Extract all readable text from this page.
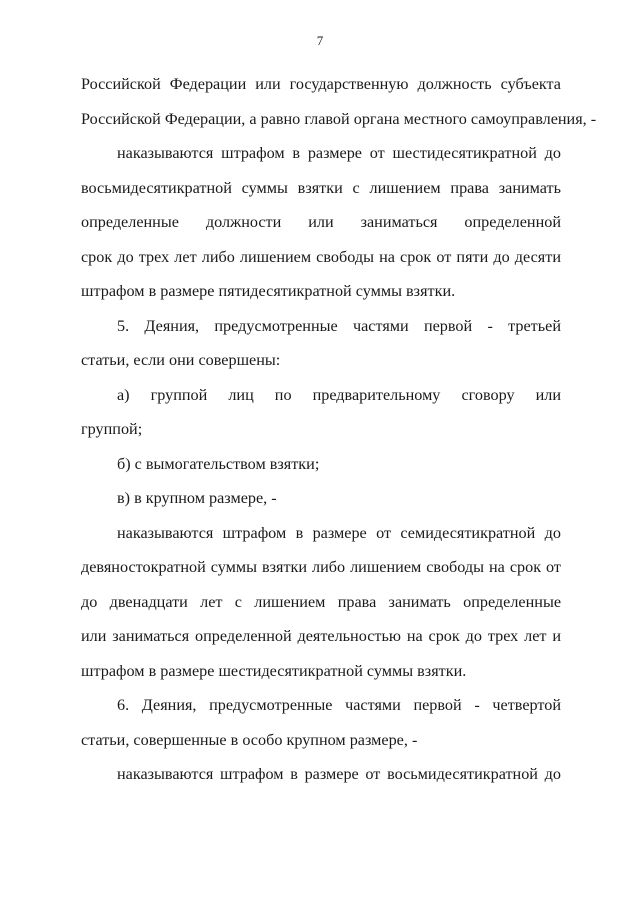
7
Российской Федерации или государственную должность субъекта
Российской Федерации, а равно главой органа местного самоуправления, -
наказываются штрафом в размере от шестидесятикратной до
восьмидесятикратной суммы взятки с лишением права занимать
определенные должности или заниматься определенной
срок до трех лет либо лишением свободы на срок от пяти до десяти
штрафом в размере пятидесятикратной суммы взятки.
5. Деяния, предусмотренные частями первой - третьей
статьи, если они совершены:
а) группой лиц по предварительному сговору или
группой;
б) с вымогательством взятки;
в) в крупном размере, -
наказываются штрафом в размере от семидесятикратной до
девяностократной суммы взятки либо лишением свободы на срок от
до двенадцати лет с лишением права занимать определенные
или заниматься определенной деятельностью на срок до трех лет и
штрафом в размере шестидесятикратной суммы взятки.
6. Деяния, предусмотренные частями первой - четвертой
статьи, совершенные в особо крупном размере, -
наказываются штрафом в размере от восьмидесятикратной до
